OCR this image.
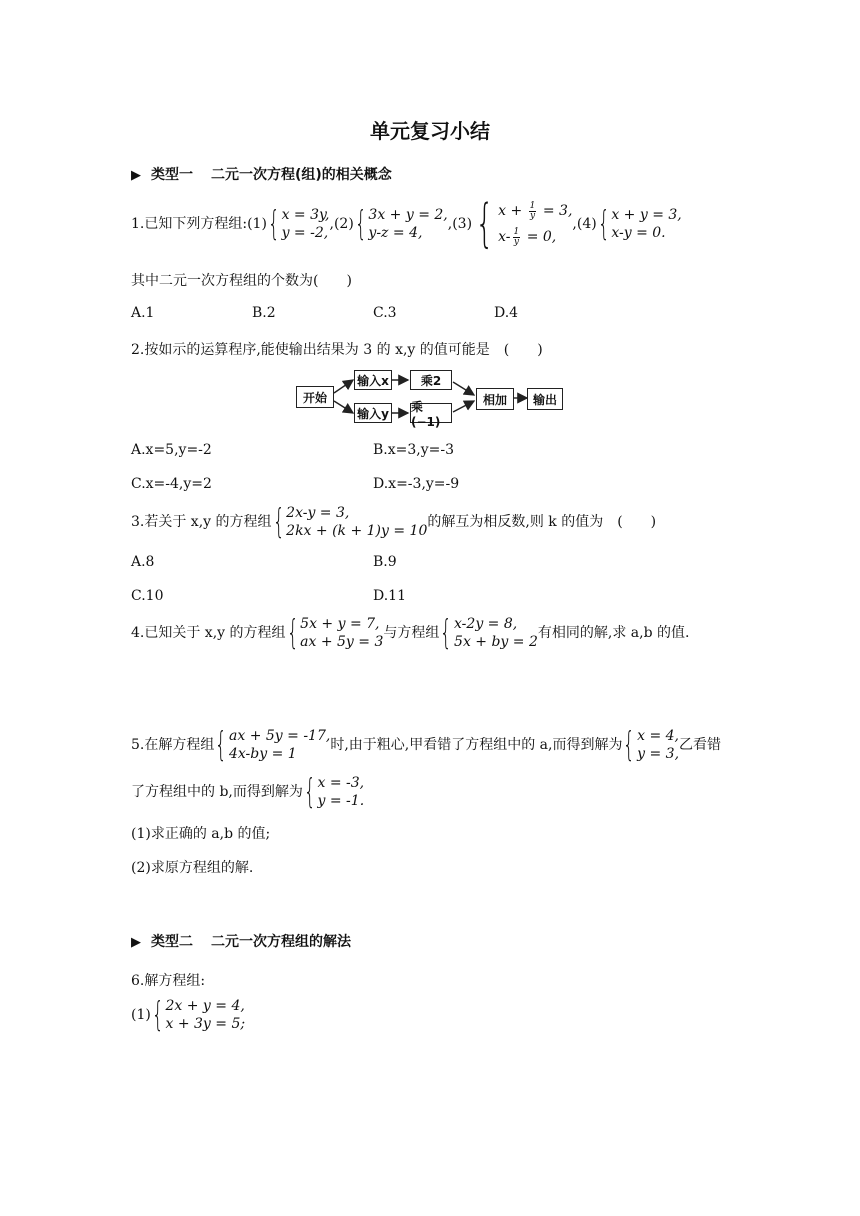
单元复习小结
▶ 类型一 二元一次方程(组)的相关概念
1.已知下列方程组:(1) { x = 3y,
y = -2,
,(2) { 3x + y = 2,
y-z = 4,
,(3) { $x + \frac{1}{y} = 3$,
$x- \frac{1}{y} = 0$,
,(4) { x + y = 3,
x-y = 0.
其中二元一次方程组的个数为(　　)
A.1	B.2	C.3	D.4
2.按如示的运算程序,能使输出结果为 3 的 x,y 的值可能是　(　　)
开始
输入x
输入y
乘2
乘(−1)
相加	输出
A.x=5,y=-2	B.x=3,y=-3
C.x=-4,y=2	D.x=-3,y=-9
3.若关于 x,y 的方程组 { 2x-y = 3,
2kx + (k + 1)y = 10
的解互为相反数,则 k 的值为　(　　)
A.8	B.9
C.10	D.11
4.已知关于 x,y 的方程组 { 5x + y = 7,
ax + 5y = 3
与方程组 { x-2y = 8,
5x + by = 2
有相同的解,求 a,b 的值.
5.在解方程组 { ax + 5y = -17,
4x-by = 1
时,由于粗心,甲看错了方程组中的 a,而得到解为 { x = 4,
y = 3,
乙看错
了方程组中的 b,而得到解为 { x = -3,
y = -1.
(1)求正确的 a,b 的值;
(2)求原方程组的解.
▶ 类型二 二元一次方程组的解法
6.解方程组:
(1) { 2x + y = 4,
x + 3y = 5;
